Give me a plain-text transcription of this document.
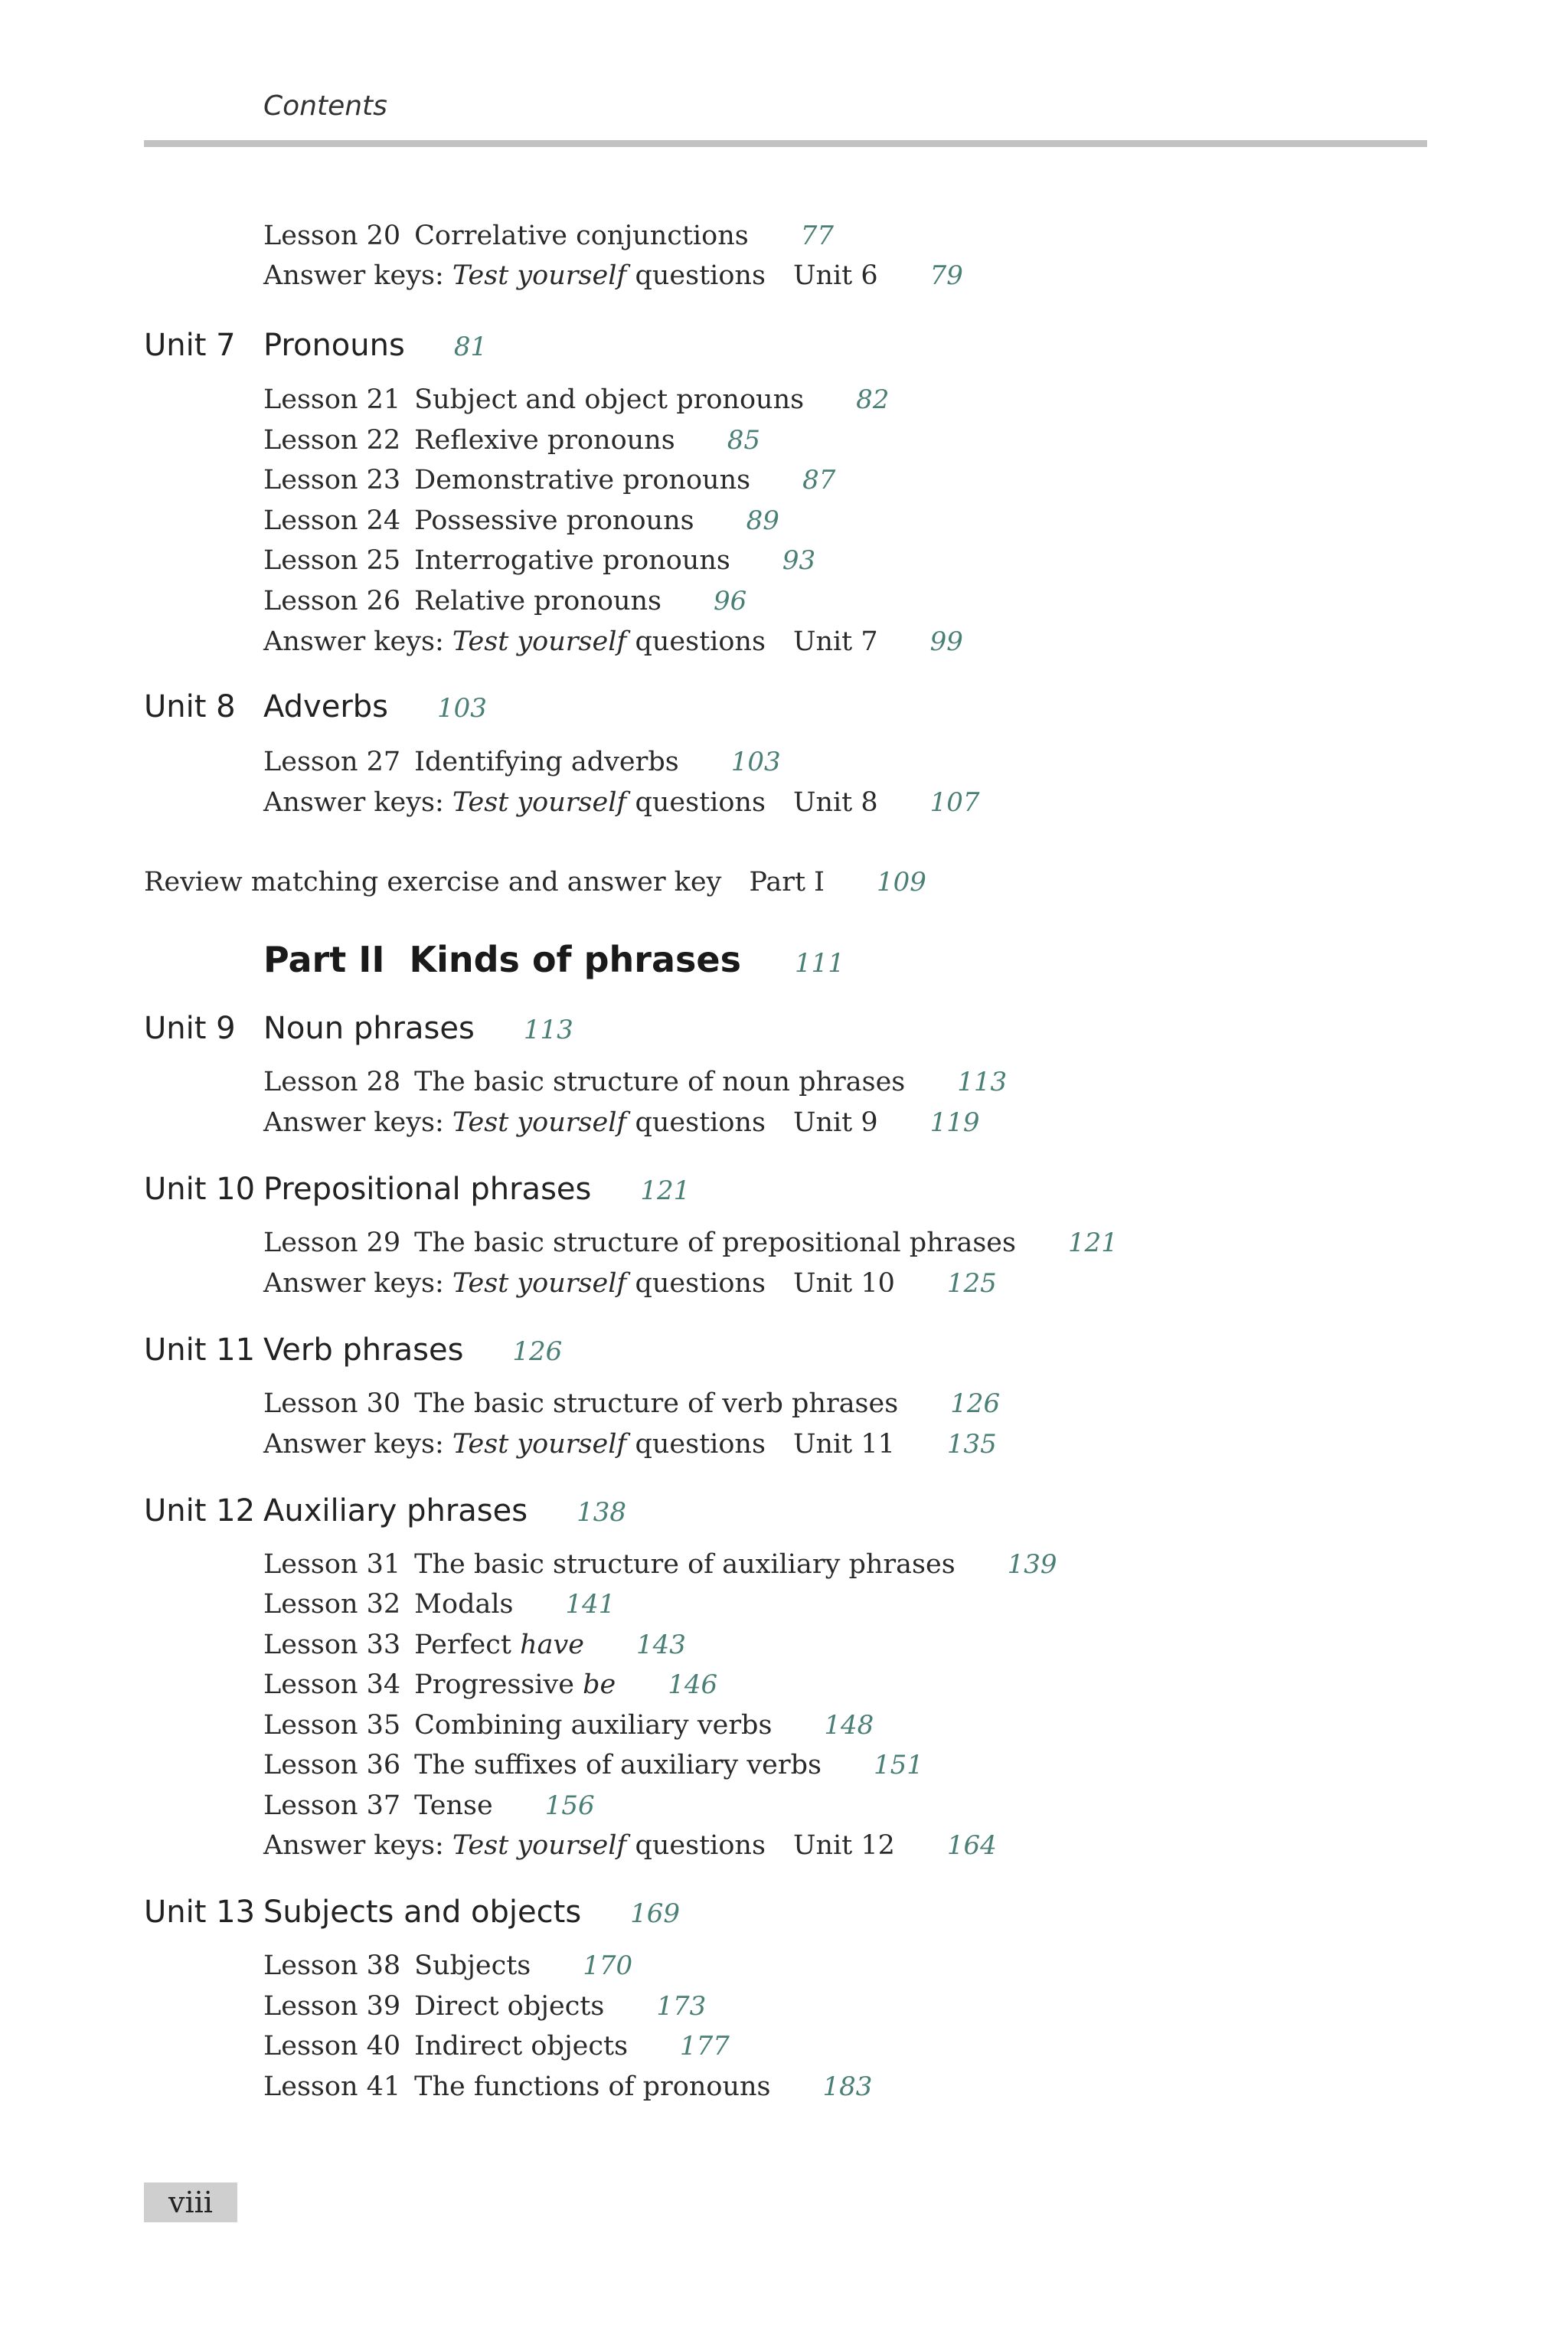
Contents
Lesson 20 Correlative conjunctions 77
Answer keys:
Test yourself
questions Unit 6 79
Unit 7 Pronouns 81
Lesson 21 Subject and object pronouns 82
Lesson 22 Reflexive pronouns 85
Lesson 23 Demonstrative pronouns 87
Lesson 24 Possessive pronouns 89
Lesson 25 Interrogative pronouns 93
Lesson 26 Relative pronouns 96
Answer keys:
Test yourself
questions Unit 7 99
Unit 8 Adverbs 103
Lesson 27 Identifying adverbs 103
Answer keys:
Test yourself
questions Unit 8 107
Review matching exercise and answer key Part I 109
Part II  Kinds of phrases 111
Unit 9 Noun phrases 113
Lesson 28 The basic structure of noun phrases 113
Answer keys:
Test yourself
questions Unit 9 119
Unit 10 Prepositional phrases 121
Lesson 29 The basic structure of prepositional phrases 121
Answer keys:
Test yourself
questions Unit 10 125
Unit 11 Verb phrases 126
Lesson 30 The basic structure of verb phrases 126
Answer keys:
Test yourself
questions Unit 11 135
Unit 12 Auxiliary phrases 138
Lesson 31 The basic structure of auxiliary phrases 139
Lesson 32 Modals 141
Lesson 33 Perfect
have 143
Lesson 34 Progressive
be 146
Lesson 35 Combining auxiliary verbs 148
Lesson 36 The suffixes of auxiliary verbs 151
Lesson 37 Tense 156
Answer keys:
Test yourself
questions Unit 12 164
Unit 13 Subjects and objects 169
Lesson 38 Subjects 170
Lesson 39 Direct objects 173
Lesson 40 Indirect objects 177
Lesson 41 The functions of pronouns 183
viii
